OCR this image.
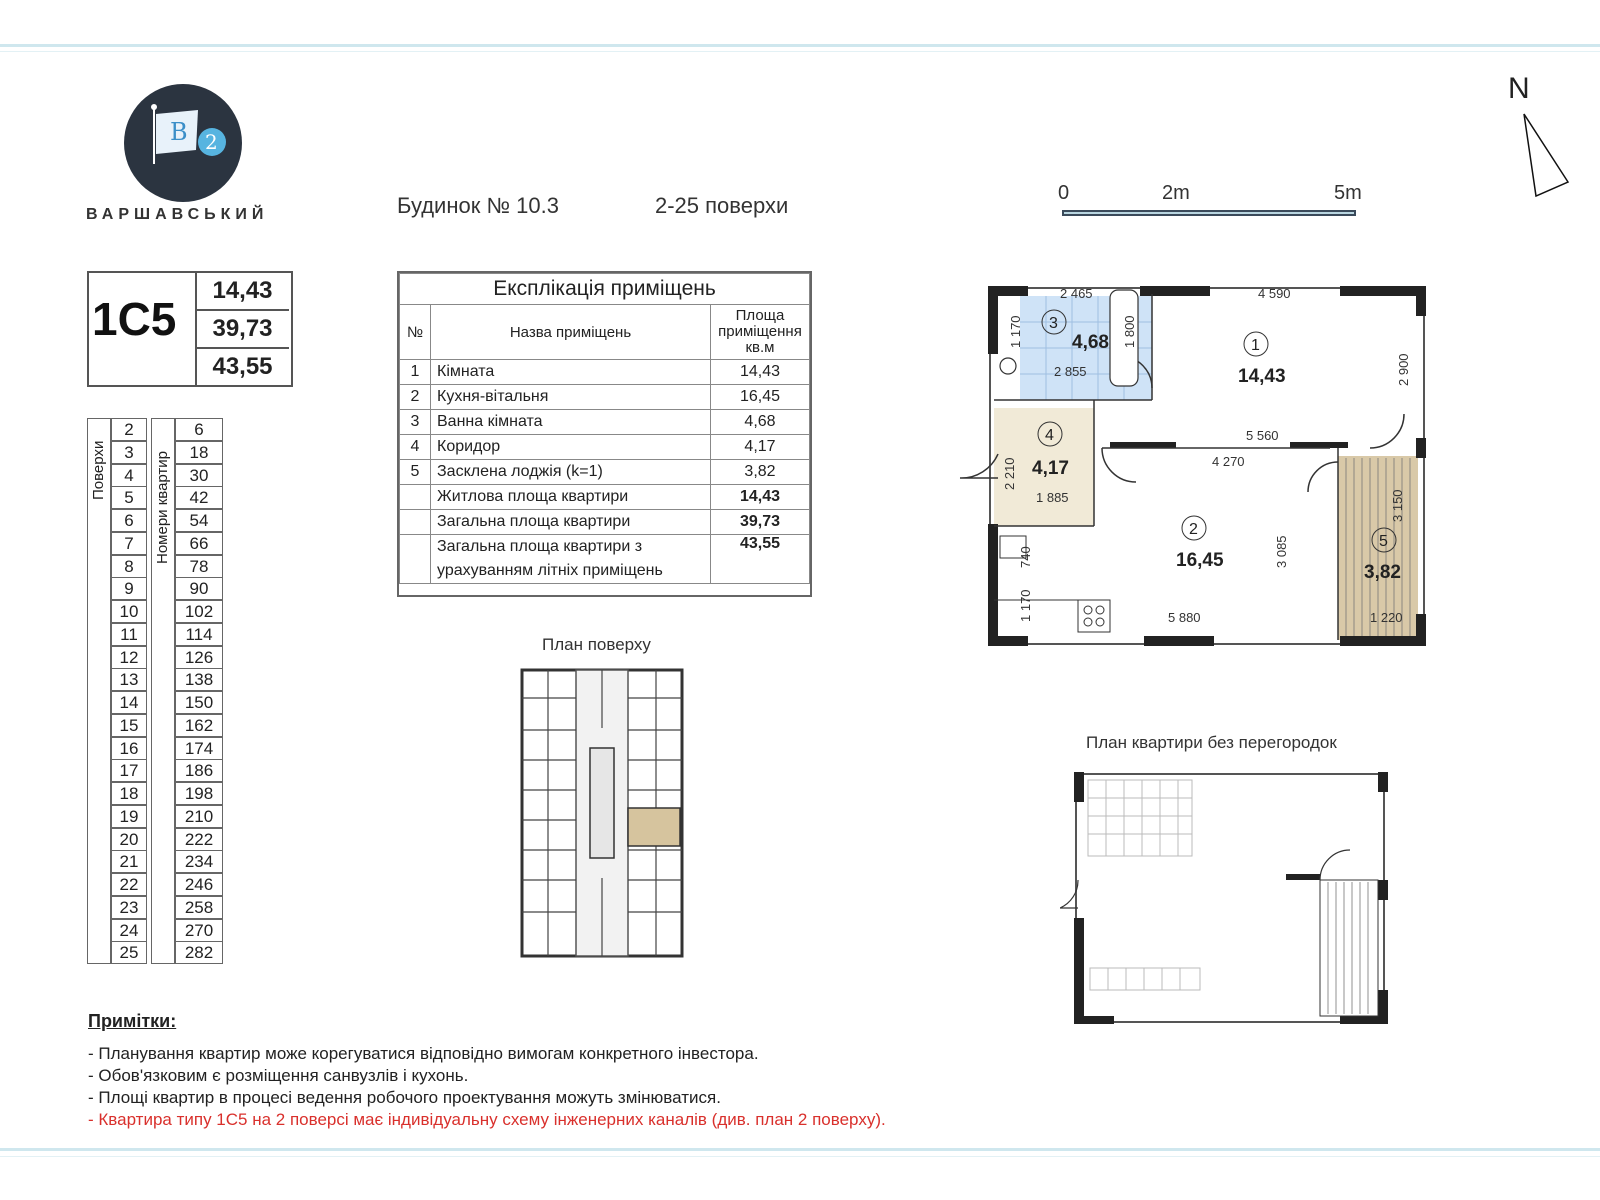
B 2
ВАРШАВСЬКИЙ	Будинок № 10.3	2-25 поверхи	0	2m	5m
N
1C5
14,43
39,73
43,55
Поверхи	Номери квартир
2	6
3	18
4	30
5	42
6	54
7	66
8	78
9	90
10	102
11	114
12	126
13	138
14	150
15	162
16	174
17	186
18	198
19	210
20	222
21	234
22	246
23	258
24	270
25	282
Експлікація приміщень		
№	Назва приміщень	Площа приміщення кв.м
1	Кімната	14,43
2	Кухня-вітальня	16,45
3	Ванна кімната	4,68
4	Коридор	4,17
5	Засклена лоджія (k=1)	3,82
	Житлова площа квартири	14,43
	Загальна площа квартири	39,73
	Загальна площа квартири з урахуванням літніх приміщень	43,55
План поверху
1
14,43
2
16,45
3
4,68
4
4,17
5
3,82
2 465	4 590
1 170	1 800
2 855	2 900
5 560
2 210	4 270
1 885
740	3 085
3 150
1 170	5 880	1 220
План квартири без перегородок
Примітки:
- Планування квартир може корегуватися відповідно вимогам конкретного інвестора.
- Обов'язковим є розміщення санвузлів і кухонь.
- Площі квартир в процесі ведення робочого проектування можуть змінюватися.
- Квартира типу 1С5 на 2 поверсі має індивідуальну схему інженерних каналів (див. план 2 поверху).
